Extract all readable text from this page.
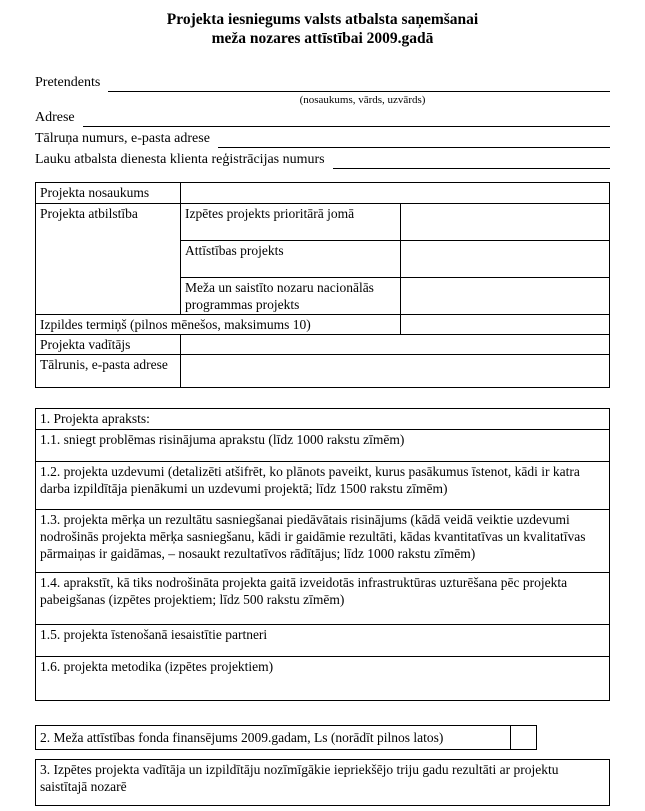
Projekta iesniegums valsts atbalsta saņemšanai
meža nozares attīstībai 2009.gadā
Pretendents
(nosaukums, vārds, uzvārds)
Adrese
Tālruņa numurs, e-pasta adrese
Lauku atbalsta dienesta klienta reģistrācijas numurs
Projekta nosaukums		
Projekta atbilstība	Izpētes projekts prioritārā jomā	
	Attīstības projekts	
	Meža un saistīto nozaru nacionālās programmas projekts	
Izpildes termiņš (pilnos mēnešos, maksimums 10)		
Projekta vadītājs		
Tālrunis, e-pasta adrese		
1. Projekta apraksts:
1.1. sniegt problēmas risinājuma aprakstu (līdz 1000 rakstu zīmēm)
1.2. projekta uzdevumi (detalizēti atšifrēt, ko plānots paveikt, kurus pasākumus īstenot, kādi ir katra darba izpildītāja pienākumi un uzdevumi projektā; līdz 1500 rakstu zīmēm)
1.3. projekta mērķa un rezultātu sasniegšanai piedāvātais risinājums (kādā veidā veiktie uzdevumi nodrošinās projekta mērķa sasniegšanu, kādi ir gaidāmie rezultāti, kādas kvantitatīvas un kvalitatīvas pārmaiņas ir gaidāmas, – nosaukt rezultatīvos rādītājus; līdz 1000 rakstu zīmēm)
1.4. aprakstīt, kā tiks nodrošināta projekta gaitā izveidotās infrastruktūras uzturēšana pēc projekta pabeigšanas (izpētes projektiem; līdz 500 rakstu zīmēm)
1.5. projekta īstenošanā iesaistītie partneri
1.6. projekta metodika (izpētes projektiem)
2. Meža attīstības fonda finansējums 2009.gadam, Ls (norādīt pilnos latos)	
3. Izpētes projekta vadītāja un izpildītāju nozīmīgākie iepriekšējo triju gadu rezultāti ar projektu saistītajā nozarē
